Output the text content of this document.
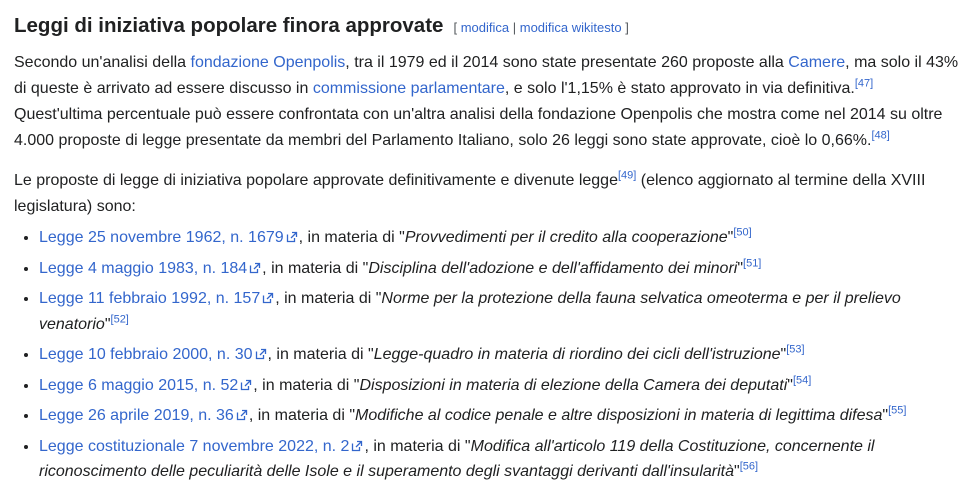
Leggi di iniziativa popolare finora approvate [ modifica | modifica wikitesto ]

Secondo un'analisi della fondazione Openpolis, tra il 1979 ed il 2014 sono state presentate 260 proposte alla Camere, ma solo il 43% di queste è arrivato ad essere discusso in commissione parlamentare, e solo l'1,15% è stato approvato in via definitiva.[47] Quest'ultima percentuale può essere confrontata con un'altra analisi della fondazione Openpolis che mostra come nel 2014 su oltre 4.000 proposte di legge presentate da membri del Parlamento Italiano, solo 26 leggi sono state approvate, cioè lo 0,66%.[48]

Le proposte di legge di iniziativa popolare approvate definitivamente e divenute legge[49] (elenco aggiornato al termine della XVIII legislatura) sono:

• Legge 25 novembre 1962, n. 1679 , in materia di "Provvedimenti per il credito alla cooperazione"[50]
• Legge 4 maggio 1983, n. 184 , in materia di "Disciplina dell'adozione e dell'affidamento dei minori"[51]
• Legge 11 febbraio 1992, n. 157 , in materia di "Norme per la protezione della fauna selvatica omeoterma e per il prelievo venatorio"[52]
• Legge 10 febbraio 2000, n. 30 , in materia di "Legge-quadro in materia di riordino dei cicli dell'istruzione"[53]
• Legge 6 maggio 2015, n. 52 , in materia di "Disposizioni in materia di elezione della Camera dei deputati"[54]
• Legge 26 aprile 2019, n. 36 , in materia di "Modifiche al codice penale e altre disposizioni in materia di legittima difesa"[55]
• Legge costituzionale 7 novembre 2022, n. 2 , in materia di "Modifica all'articolo 119 della Costituzione, concernente il riconoscimento delle peculiarità delle Isole e il superamento degli svantaggi derivanti dall'insularità"[56]
